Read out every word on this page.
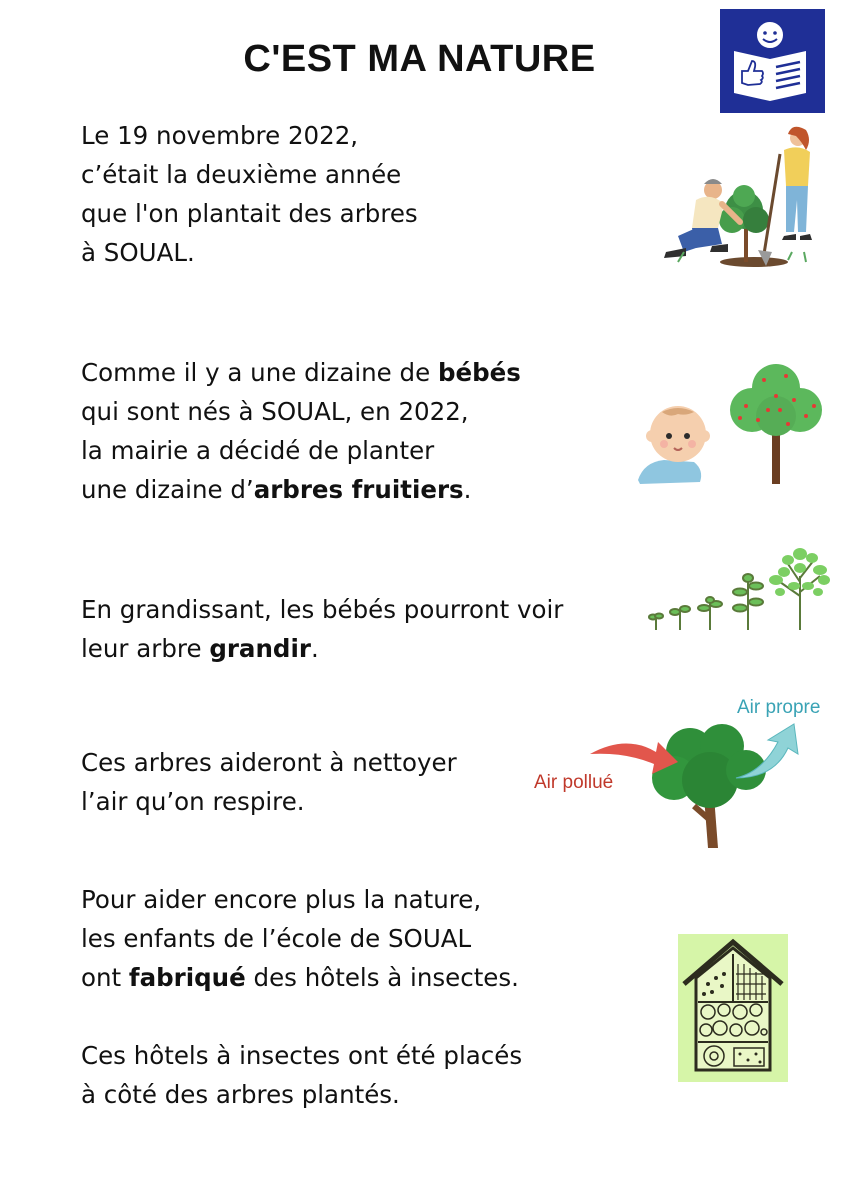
C'EST MA NATURE
Le 19 novembre 2022,
c’était la deuxième année
que l'on plantait des arbres
à SOUAL.
Comme il y a une dizaine de bébés
qui sont nés à SOUAL, en 2022,
la mairie a décidé de planter
une dizaine d’arbres fruitiers.
En grandissant, les bébés pourront voir
leur arbre grandir.
Ces arbres aideront à nettoyer
l’air qu’on respire.
Air propre
Air pollué
Pour aider encore plus la nature,
les enfants de l’école de SOUAL
ont fabriqué des hôtels à insectes.
Ces hôtels à insectes ont été placés
à côté des arbres plantés.
